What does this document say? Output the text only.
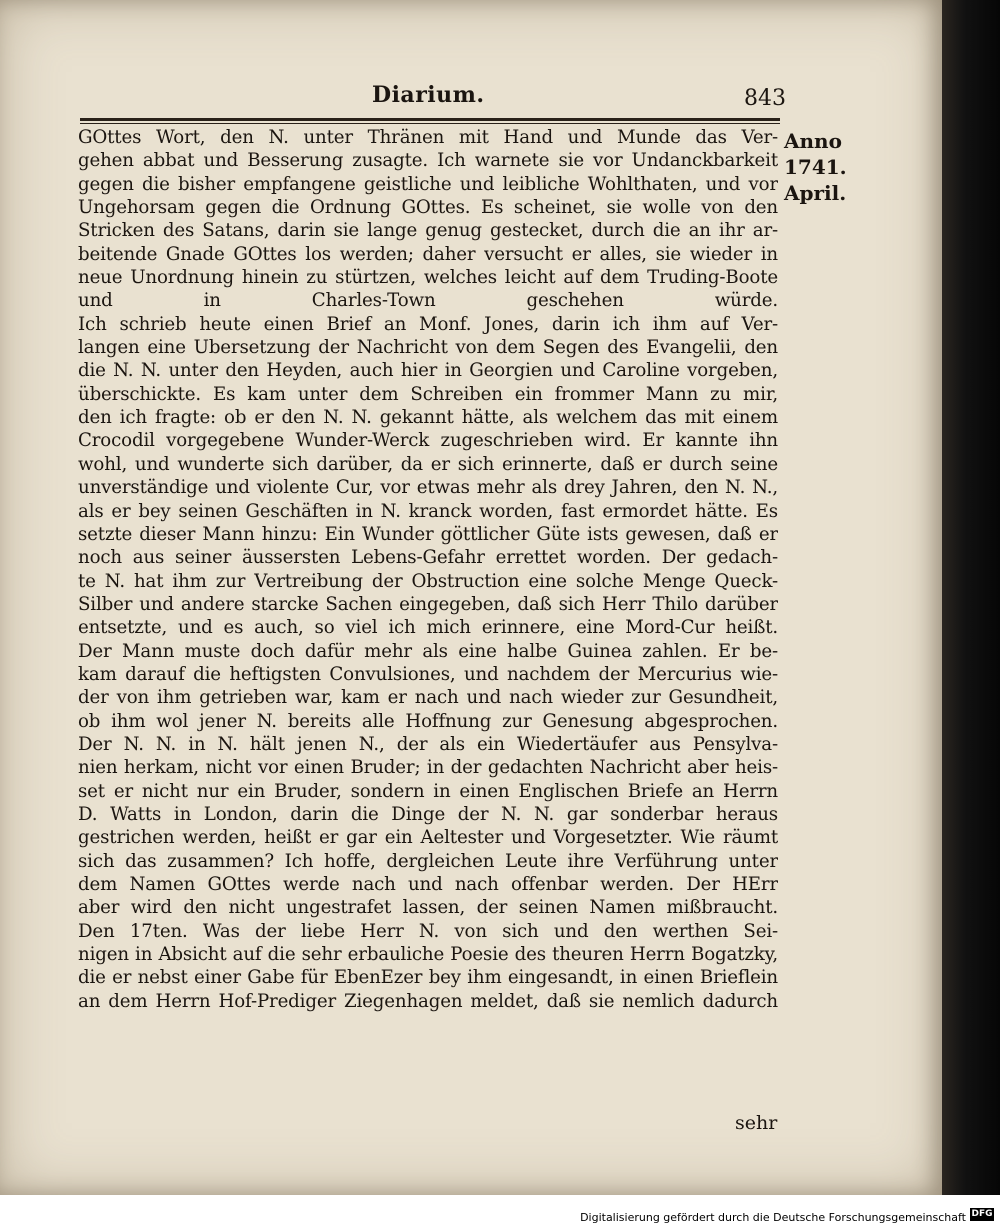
Diarium.	843
Anno
1741.
April.
GOttes Wort, den N. unter Thränen mit Hand und Munde das Ver-
gehen abbat und Besserung zusagte. Ich warnete sie vor Undanckbarkeit
gegen die bisher empfangene geistliche und leibliche Wohlthaten, und vor
Ungehorsam gegen die Ordnung GOttes. Es scheinet, sie wolle von den
Stricken des Satans, darin sie lange genug gestecket, durch die an ihr ar-
beitende Gnade GOttes los werden; daher versucht er alles, sie wieder in
neue Unordnung hinein zu stürtzen, welches leicht auf dem Truding-Boote
und in Charles-Town geschehen würde.
Ich schrieb heute einen Brief an Monf. Jones, darin ich ihm auf Ver-
langen eine Ubersetzung der Nachricht von dem Segen des Evangelii, den
die N. N. unter den Heyden, auch hier in Georgien und Caroline vorgeben,
überschickte. Es kam unter dem Schreiben ein frommer Mann zu mir,
den ich fragte: ob er den N. N. gekannt hätte, als welchem das mit einem
Crocodil vorgegebene Wunder-Werck zugeschrieben wird. Er kannte ihn
wohl, und wunderte sich darüber, da er sich erinnerte, daß er durch seine
unverständige und violente Cur, vor etwas mehr als drey Jahren, den N. N.,
als er bey seinen Geschäften in N. kranck worden, fast ermordet hätte. Es
setzte dieser Mann hinzu: Ein Wunder göttlicher Güte ists gewesen, daß er
noch aus seiner äussersten Lebens-Gefahr errettet worden. Der gedach-
te N. hat ihm zur Vertreibung der Obstruction eine solche Menge Queck-
Silber und andere starcke Sachen eingegeben, daß sich Herr Thilo darüber
entsetzte, und es auch, so viel ich mich erinnere, eine Mord-Cur heißt.
Der Mann muste doch dafür mehr als eine halbe Guinea zahlen. Er be-
kam darauf die heftigsten Convulsiones, und nachdem der Mercurius wie-
der von ihm getrieben war, kam er nach und nach wieder zur Gesundheit,
ob ihm wol jener N. bereits alle Hoffnung zur Genesung abgesprochen.
Der N. N. in N. hält jenen N., der als ein Wiedertäufer aus Pensylva-
nien herkam, nicht vor einen Bruder; in der gedachten Nachricht aber heis-
set er nicht nur ein Bruder, sondern in einen Englischen Briefe an Herrn
D. Watts in London, darin die Dinge der N. N. gar sonderbar heraus
gestrichen werden, heißt er gar ein Aeltester und Vorgesetzter. Wie räumt
sich das zusammen? Ich hoffe, dergleichen Leute ihre Verführung unter
dem Namen GOttes werde nach und nach offenbar werden. Der HErr
aber wird den nicht ungestrafet lassen, der seinen Namen mißbraucht.
Den 17ten. Was der liebe Herr N. von sich und den werthen Sei-
nigen in Absicht auf die sehr erbauliche Poesie des theuren Herrn Bogatzky,
die er nebst einer Gabe für EbenEzer bey ihm eingesandt, in einen Brieflein
an dem Herrn Hof-Prediger Ziegenhagen meldet, daß sie nemlich dadurch
sehr
Digitalisierung gefördert durch die Deutsche Forschungsgemeinschaft DFG
